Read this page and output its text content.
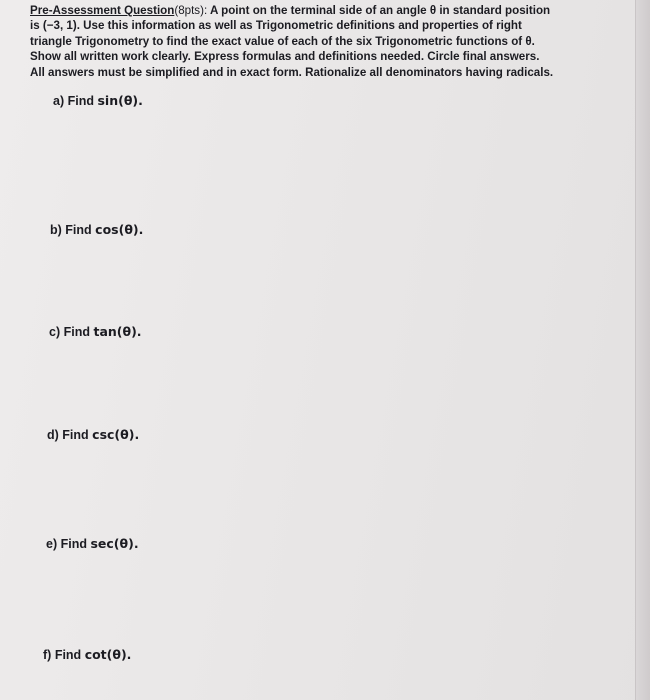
Pre-Assessment Question(8pts): A point on the terminal side of an angle θ in standard position
is (−3, 1). Use this information as well as Trigonometric definitions and properties of right
triangle Trigonometry to find the exact value of each of the six Trigonometric functions of θ.
Show all written work clearly. Express formulas and definitions needed. Circle final answers.
All answers must be simplified and in exact form. Rationalize all denominators having radicals.
a) Find sin(θ).
b) Find cos(θ).
c) Find tan(θ).
d) Find csc(θ).
e) Find sec(θ).
f) Find cot(θ).
